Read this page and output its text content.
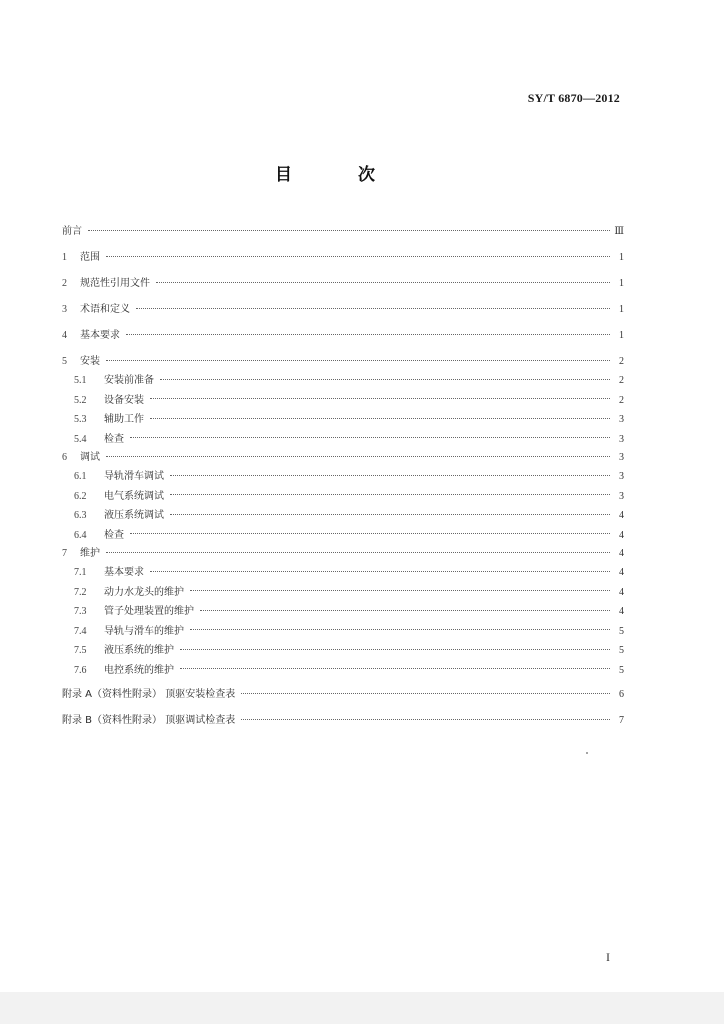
SY/T 6870—2012
目 次
前言	Ⅲ
1	范围	1
2	规范性引用文件	1
3	术语和定义	1
4	基本要求	1
5	安装	2
5.1	安装前准备	2
5.2	设备安装	2
5.3	辅助工作	3
5.4	检查	3
6	调试	3
6.1	导轨滑车调试	3
6.2	电气系统调试	3
6.3	液压系统调试	4
6.4	检查	4
7	维护	4
7.1	基本要求	4
7.2	动力水龙头的维护	4
7.3	管子处理装置的维护	4
7.4	导轨与滑车的维护	5
7.5	液压系统的维护	5
7.6	电控系统的维护	5
附录 A（资料性附录） 顶驱安装检查表	6
附录 B（资料性附录） 顶驱调试检查表	7
I
